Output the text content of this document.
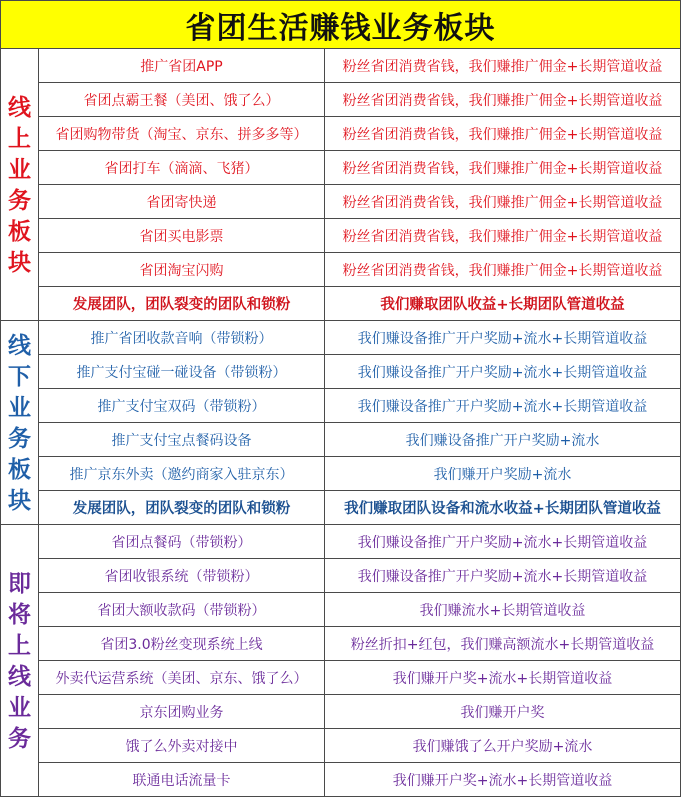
省团生活赚钱业务板块
线上业务板块
推广省团APP	粉丝省团消费省钱，我们赚推广佣金+长期管道收益
省团点霸王餐（美团、饿了么）	粉丝省团消费省钱，我们赚推广佣金+长期管道收益
省团购物带货（淘宝、京东、拼多多等）	粉丝省团消费省钱，我们赚推广佣金+长期管道收益
省团打车（滴滴、飞猪）	粉丝省团消费省钱，我们赚推广佣金+长期管道收益
省团寄快递	粉丝省团消费省钱，我们赚推广佣金+长期管道收益
省团买电影票	粉丝省团消费省钱，我们赚推广佣金+长期管道收益
省团淘宝闪购	粉丝省团消费省钱，我们赚推广佣金+长期管道收益
发展团队，团队裂变的团队和锁粉	我们赚取团队收益+长期团队管道收益
线下业务板块
推广省团收款音响（带锁粉）	我们赚设备推广开户奖励+流水+长期管道收益
推广支付宝碰一碰设备（带锁粉）	我们赚设备推广开户奖励+流水+长期管道收益
推广支付宝双码（带锁粉）	我们赚设备推广开户奖励+流水+长期管道收益
推广支付宝点餐码设备	我们赚设备推广开户奖励+流水
推广京东外卖（邀约商家入驻京东）	我们赚开户奖励+流水
发展团队，团队裂变的团队和锁粉	我们赚取团队设备和流水收益+长期团队管道收益
即将上线业务
省团点餐码（带锁粉）	我们赚设备推广开户奖励+流水+长期管道收益
省团收银系统（带锁粉）	我们赚设备推广开户奖励+流水+长期管道收益
省团大额收款码（带锁粉）	我们赚流水+长期管道收益
省团3.0粉丝变现系统上线	粉丝折扣+红包，我们赚高额流水+长期管道收益
外卖代运营系统（美团、京东、饿了么）	我们赚开户奖+流水+长期管道收益
京东团购业务	我们赚开户奖
饿了么外卖对接中	我们赚饿了么开户奖励+流水
联通电话流量卡	我们赚开户奖+流水+长期管道收益
